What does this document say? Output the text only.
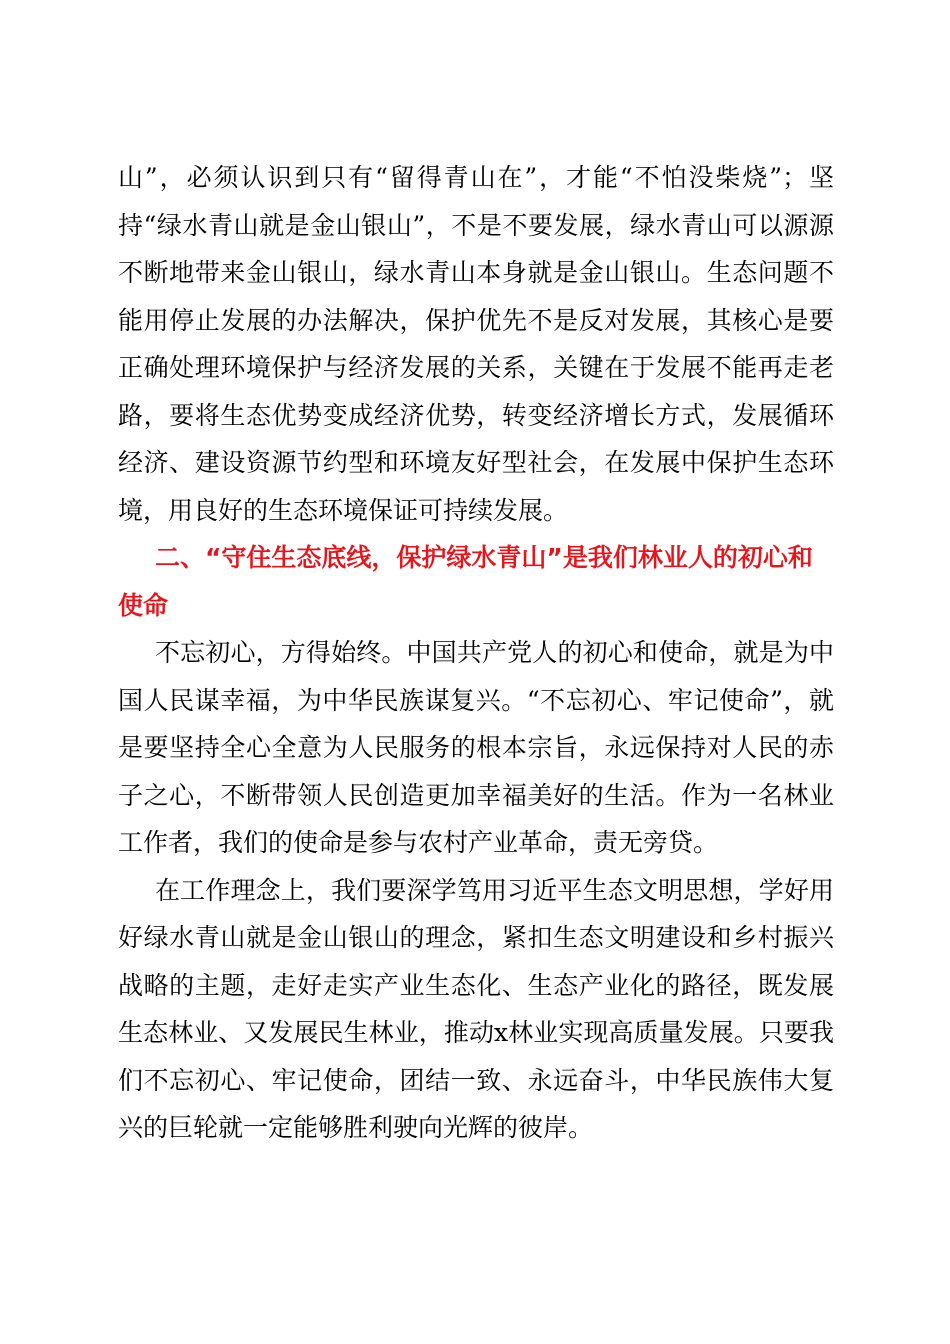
山”，必须认识到只有“留得青山在”，才能“不怕没柴烧”；坚持“绿水青山就是金山银山”，不是不要发展，绿水青山可以源源不断地带来金山银山，绿水青山本身就是金山银山。生态问题不能用停止发展的办法解决，保护优先不是反对发展，其核心是要正确处理环境保护与经济发展的关系，关键在于发展不能再走老路，要将生态优势变成经济优势，转变经济增长方式，发展循环经济、建设资源节约型和环境友好型社会，在发展中保护生态环境，用良好的生态环境保证可持续发展。

二、“守住生态底线，保护绿水青山”是我们林业人的初心和使命

不忘初心，方得始终。中国共产党人的初心和使命，就是为中国人民谋幸福，为中华民族谋复兴。“不忘初心、牢记使命”，就是要坚持全心全意为人民服务的根本宗旨，永远保持对人民的赤子之心，不断带领人民创造更加幸福美好的生活。作为一名林业工作者，我们的使命是参与农村产业革命，责无旁贷。

在工作理念上，我们要深学笃用习近平生态文明思想，学好用好绿水青山就是金山银山的理念，紧扣生态文明建设和乡村振兴战略的主题，走好走实产业生态化、生态产业化的路径，既发展生态林业、又发展民生林业，推动x林业实现高质量发展。只要我们不忘初心、牢记使命，团结一致、永远奋斗，中华民族伟大复兴的巨轮就一定能够胜利驶向光辉的彼岸。
